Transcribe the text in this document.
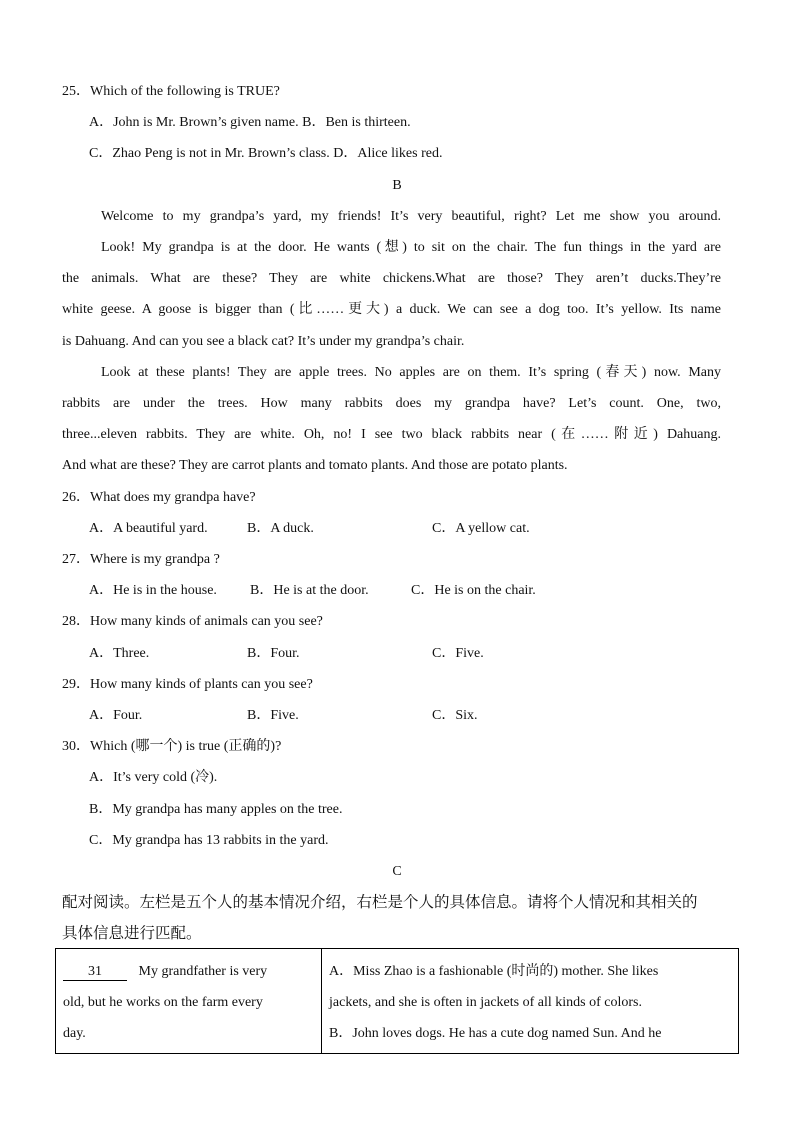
25．Which of the following is TRUE?
A．John is Mr. Brown’s given name. B．Ben is thirteen.
C．Zhao Peng is not in Mr. Brown’s class. D．Alice likes red.
B
Welcome to my grandpa’s yard, my friends! It’s very beautiful, right? Let me show you around.
Look! My grandpa is at the door. He wants (想) to sit on the chair. The fun things in the yard are
the animals. What are these? They are white chickens.What are those? They aren’t ducks.They’re
white geese. A goose is bigger than (比……更大) a duck. We can see a dog too. It’s yellow. Its name
is Dahuang. And can you see a black cat? It’s under my grandpa’s chair.
Look at these plants! They are apple trees. No apples are on them. It’s spring (春天) now. Many
rabbits are under the trees. How many rabbits does my grandpa have? Let’s count. One, two,
three...eleven rabbits. They are white. Oh, no! I see two black rabbits near (在……附近) Dahuang.
And what are these? They are carrot plants and tomato plants. And those are potato plants.
26．What does my grandpa have?
A．A beautiful yard.	B．A duck.	C．A yellow cat.
27．Where is my grandpa ?
A．He is in the house. B．He is at the door.	C．He is on the chair.
28．How many kinds of animals can you see?
A．Three.	B．Four.	C．Five.
29．How many kinds of plants can you see?
A．Four.	B．Five.	C．Six.
30．Which (哪一个) is true (正确的)?
A．It’s very cold (冷).
B．My grandpa has many apples on the tree.
C．My grandpa has 13 rabbits in the yard.
C
配对阅读。左栏是五个人的基本情况介绍，右栏是个人的具体信息。请将个人情况和其相关的
具体信息进行匹配。
31	My grandfather is very
old, but he works on the farm every
day.

A．Miss Zhao is a fashionable (时尚的) mother. She likes
jackets, and she is often in jackets of all kinds of colors.
B．John loves dogs. He has a cute dog named Sun. And he
